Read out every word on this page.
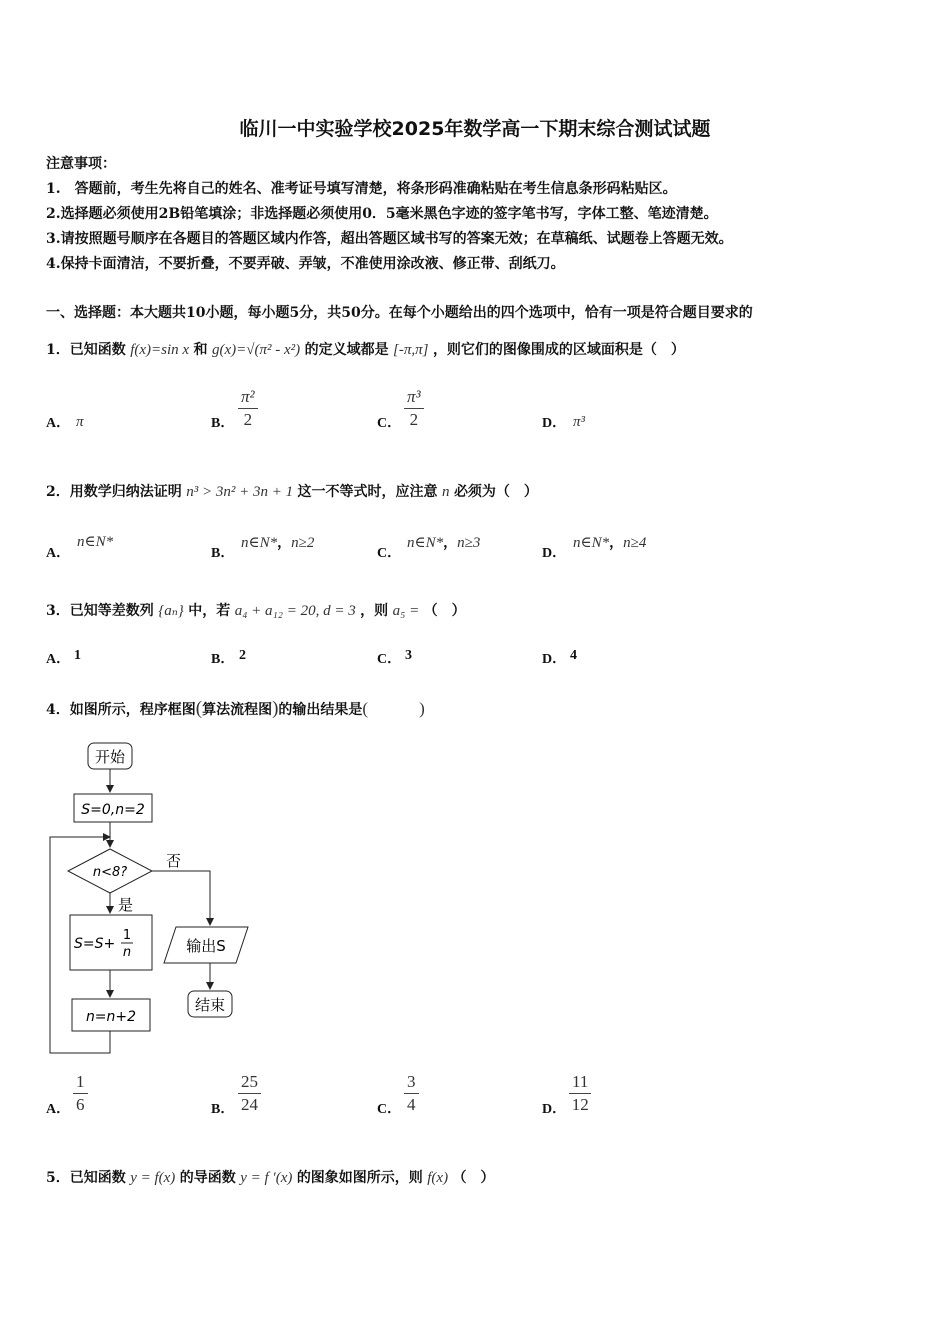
临川一中实验学校2025年数学高一下期末综合测试试题
注意事项：
1.　答题前，考生先将自己的姓名、准考证号填写清楚，将条形码准确粘贴在考生信息条形码粘贴区。
2.选择题必须使用2B铅笔填涂；非选择题必须使用0．5毫米黑色字迹的签字笔书写，字体工整、笔迹清楚。
3.请按照题号顺序在各题目的答题区域内作答，超出答题区域书写的答案无效；在草稿纸、试题卷上答题无效。
4.保持卡面清洁，不要折叠，不要弄破、弄皱，不准使用涂改液、修正带、刮纸刀。
一、选择题：本大题共10小题，每小题5分，共50分。在每个小题给出的四个选项中，恰有一项是符合题目要求的
1．已知函数 f(x)=sin x 和 g(x)=√(π² - x²) 的定义域都是 [-π,π] ，则它们的图像围成的区域面积是（　）
A． π	B． $\frac{\text{π²}}{2}$	C． $\frac{\text{π³}}{2}$	D． π³
2．用数学归纳法证明 n³ > 3n² + 3n + 1 这一不等式时，应注意 n 必须为（　）
A．
n∈N*
B．
n∈N*，n≥2
C．
n∈N*，n≥3
D．
n∈N*，n≥4
3．已知等差数列 {aₙ} 中，若 a₄ + a₁₂ = 20, d = 3 ，则 a₅ = （　）
A． 1	B． 2	C． 3	D． 4
4．如图所示，程序框图(算法流程图)的输出结果是(　　　)
开始
S=0,n=2
n<8?
否
是
S=S+
1
n
n=n+2
输出S
结束
A． $\frac{1}{6}$	B． $\frac{25}{24}$	C． $\frac{3}{4}$	D． $\frac{11}{12}$
5．已知函数 y = f(x) 的导函数 y = f ′(x) 的图象如图所示，则 f(x) （　）
